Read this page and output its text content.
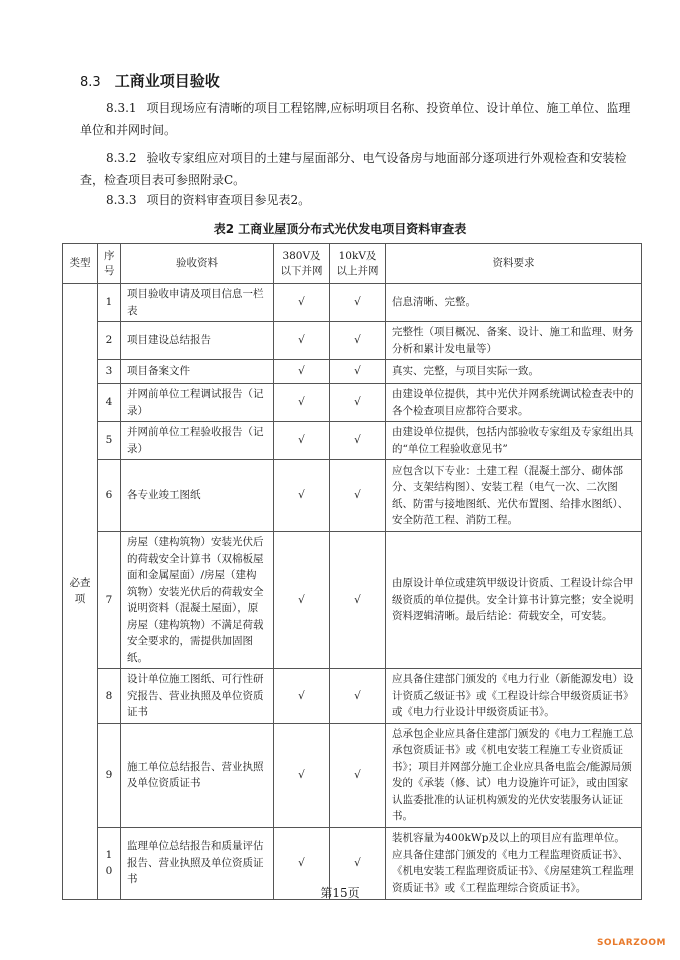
8.3 工商业项目验收
8.3.1 项目现场应有清晰的项目工程铭牌,应标明项目名称、投资单位、设计单位、施工单位、监理单位和并网时间。
8.3.2 验收专家组应对项目的土建与屋面部分、电气设备房与地面部分逐项进行外观检查和安装检查，检查项目表可参照附录C。
8.3.3 项目的资料审查项目参见表2。
表2 工商业屋顶分布式光伏发电项目资料审查表
类型	序号	验收资料	380V及以下并网	10kV及以上并网	资料要求
必查项	1	项目验收申请及项目信息一栏表	√	√	信息清晰、完整。
	2	项目建设总结报告	√	√	完整性（项目概况、备案、设计、施工和监理、财务分析和累计发电量等）
	3	项目备案文件	√	√	真实、完整，与项目实际一致。
	4	并网前单位工程调试报告（记录）	√	√	由建设单位提供，其中光伏并网系统调试检查表中的各个检查项目应都符合要求。
	5	并网前单位工程验收报告（记录）	√	√	由建设单位提供，包括内部验收专家组及专家组出具的“单位工程验收意见书”
	6	各专业竣工图纸	√	√	应包含以下专业：土建工程（混凝土部分、砌体部分、支架结构图）、安装工程（电气一次、二次图纸、防雷与接地图纸、光伏布置图、给排水图纸）、安全防范工程、消防工程。
	7	房屋（建构筑物）安装光伏后的荷载安全计算书（双棉板屋面和金属屋面）/房屋（建构筑物）安装光伏后的荷载安全说明资料（混凝土屋面），原房屋（建构筑物）不满足荷载安全要求的，需提供加固图纸。	√	√	由原设计单位或建筑甲级设计资质、工程设计综合甲级资质的单位提供。安全计算书计算完整；安全说明资料逻辑清晰。最后结论：荷载安全，可安装。
	8	设计单位施工图纸、可行性研究报告、营业执照及单位资质证书	√	√	应具备住建部门颁发的《电力行业（新能源发电）设计资质乙级证书》或《工程设计综合甲级资质证书》或《电力行业设计甲级资质证书》。
	9	施工单位总结报告、营业执照及单位资质证书	√	√	总承包企业应具备住建部门颁发的《电力工程施工总承包资质证书》或《机电安装工程施工专业资质证书》；项目并网部分施工企业应具备电监会/能源局颁发的《承装（修、试）电力设施许可证》，或由国家认监委批准的认证机构颁发的光伏安装服务认证证书。
	10	监理单位总结报告和质量评估报告、营业执照及单位资质证书	√	√	装机容量为400kWp及以上的项目应有监理单位。应具备住建部门颁发的《电力工程监理资质证书》、《机电安装工程监理资质证书》、《房屋建筑工程监理资质证书》或《工程监理综合资质证书》。
第15页
SOLARZOOM
